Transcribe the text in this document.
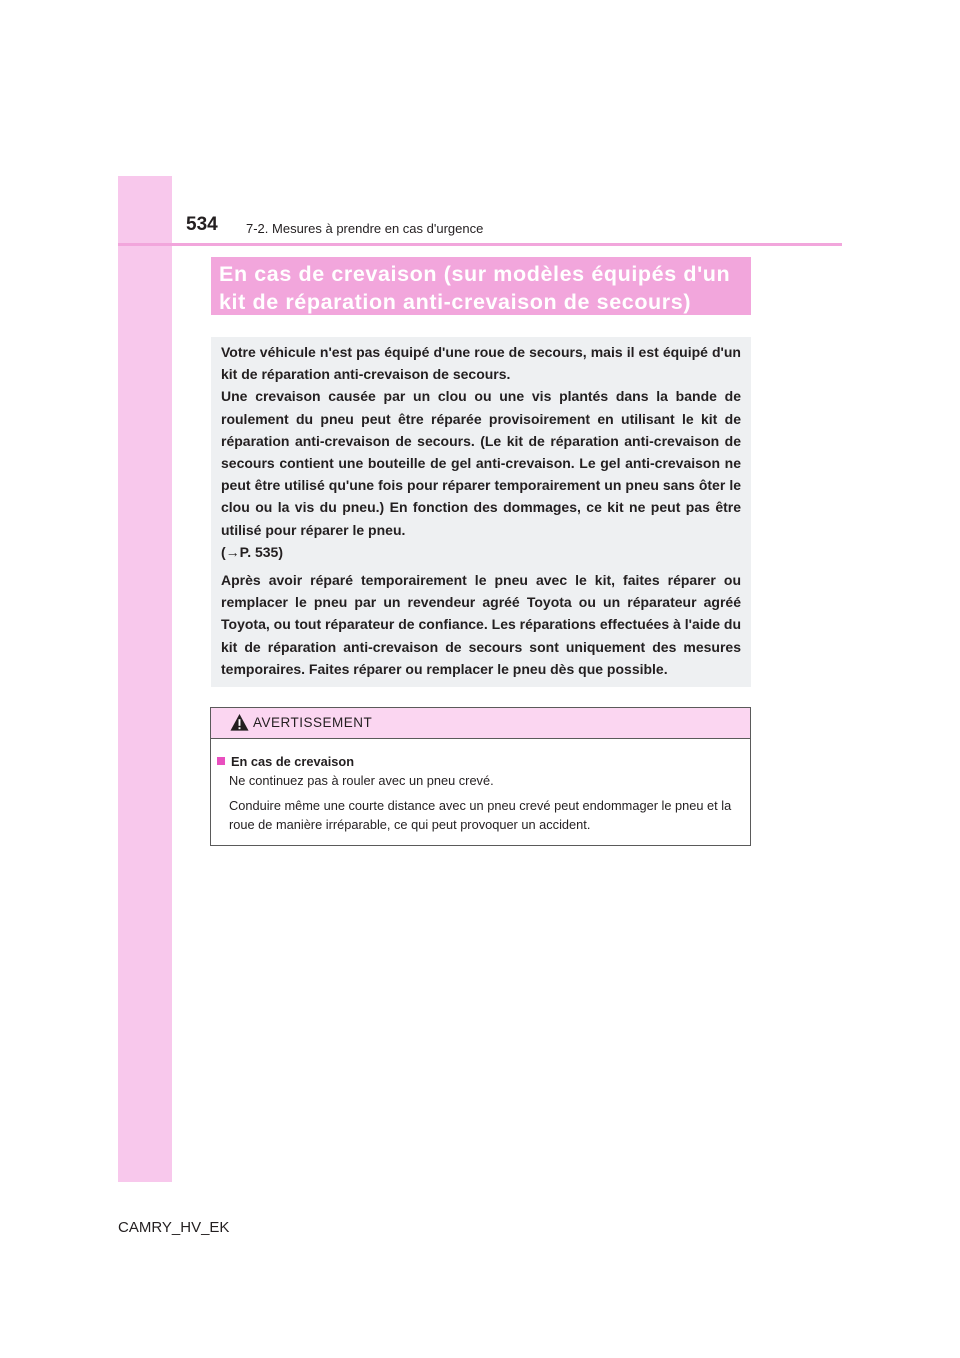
534 7-2. Mesures à prendre en cas d'urgence
En cas de crevaison (sur modèles équipés d'un
kit de réparation anti-crevaison de secours)

Votre véhicule n'est pas équipé d'une roue de secours, mais il est équipé d'un kit de réparation anti-crevaison de secours.

Une crevaison causée par un clou ou une vis plantés dans la bande de roulement du pneu peut être réparée provisoirement en utilisant le kit de réparation anti-crevaison de secours. (Le kit de réparation anti-crevaison de secours contient une bouteille de gel anti-crevaison. Le gel anti-crevaison ne peut être utilisé qu'une fois pour réparer temporairement un pneu sans ôter le clou ou la vis du pneu.) En fonction des dommages, ce kit ne peut pas être utilisé pour réparer le pneu.

(→P. 535)

Après avoir réparé temporairement le pneu avec le kit, faites réparer ou remplacer le pneu par un revendeur agréé Toyota ou un réparateur agréé Toyota, ou tout réparateur de confiance. Les réparations effectuées à l'aide du kit de réparation anti-crevaison de secours sont uniquement des mesures temporaires. Faites réparer ou remplacer le pneu dès que possible.

AVERTISSEMENT

En cas de crevaison

Ne continuez pas à rouler avec un pneu crevé.

Conduire même une courte distance avec un pneu crevé peut endommager le pneu et la roue de manière irréparable, ce qui peut provoquer un accident.

CAMRY_HV_EK
